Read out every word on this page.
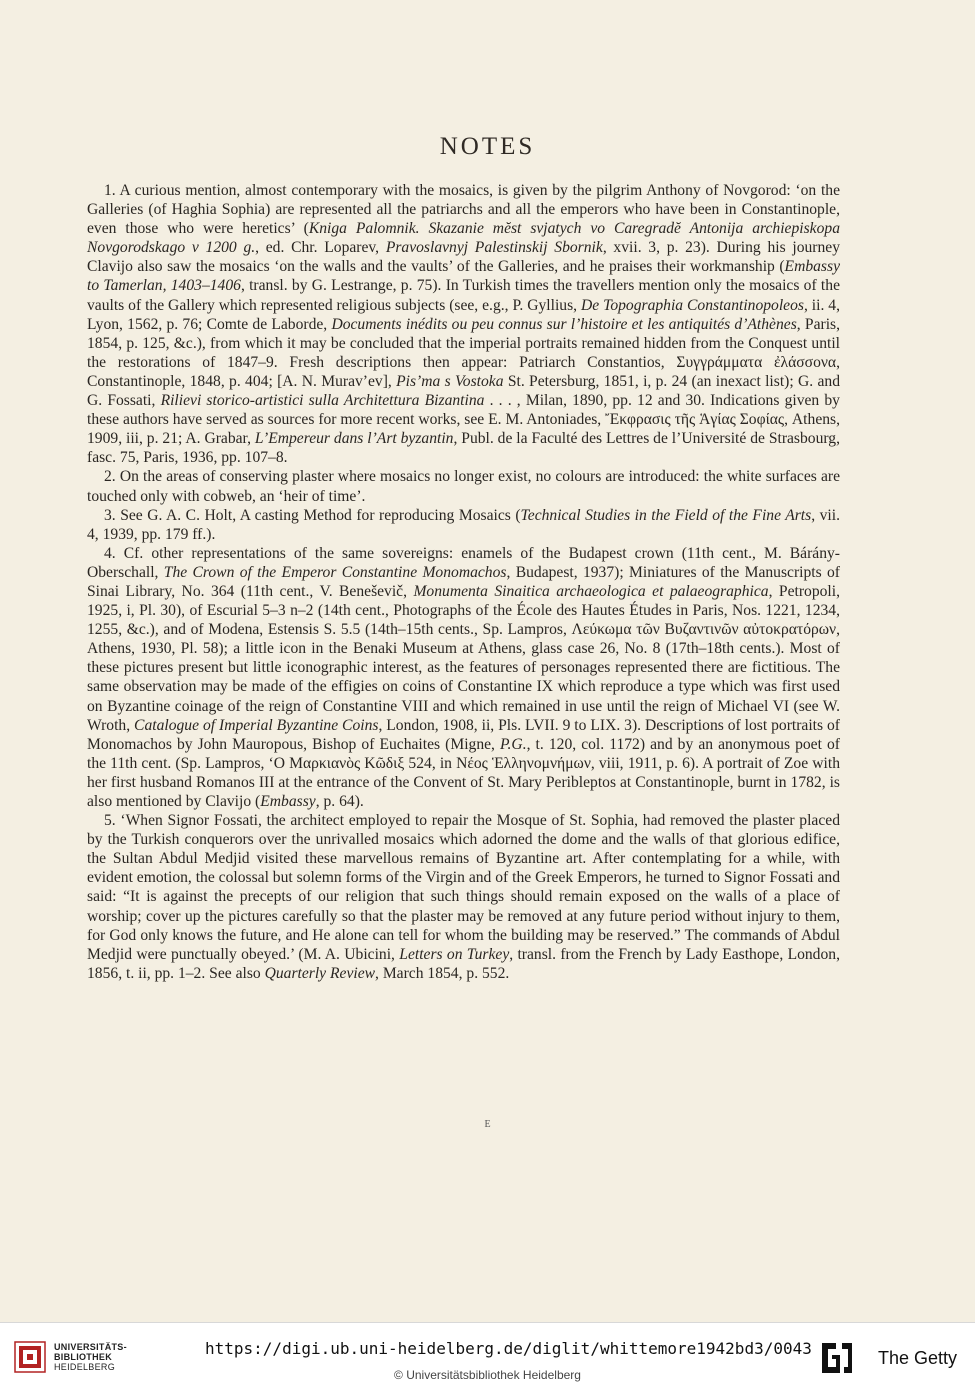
NOTES

1. A curious mention, almost contemporary with the mosaics, is given by the pilgrim Anthony of Novgorod: ‘on the Galleries (of Haghia Sophia) are represented all the patriarchs and all the emperors who have been in Constantinople, even those who were heretics’ (Kniga Palomnik. Skazanie mĕst svjatych vo Caregradĕ Antonija archiepiskopa Novgorodskago v 1200 g., ed. Chr. Loparev, Pravoslavnyj Palestinskij Sbornik, xvii. 3, p. 23). During his journey Clavijo also saw the mosaics ‘on the walls and the vaults’ of the Galleries, and he praises their workmanship (Embassy to Tamerlan, 1403–1406, transl. by G. Lestrange, p. 75). In Turkish times the travellers mention only the mosaics of the vaults of the Gallery which represented religious subjects (see, e.g., P. Gyllius, De Topographia Constantinopoleos, ii. 4, Lyon, 1562, p. 76; Comte de Laborde, Documents inédits ou peu connus sur l’histoire et les antiquités d’Athènes, Paris, 1854, p. 125, &c.), from which it may be concluded that the imperial portraits remained hidden from the Conquest until the restorations of 1847–9. Fresh descriptions then appear: Patriarch Constantios, Συγγράμματα ἐλάσσονα, Constantinople, 1848, p. 404; [A. N. Murav’ev], Pis’ma s Vostoka St. Petersburg, 1851, i, p. 24 (an inexact list); G. and G. Fossati, Rilievi storico-artistici sulla Architettura Bizantina . . . , Milan, 1890, pp. 12 and 30. Indications given by these authors have served as sources for more recent works, see E. M. Antoniades, Ἔκφρασις τῆς Ἁγίας Σοφίας, Athens, 1909, iii, p. 21; A. Grabar, L’Empereur dans l’Art byzantin, Publ. de la Faculté des Lettres de l’Université de Strasbourg, fasc. 75, Paris, 1936, pp. 107–8.

2. On the areas of conserving plaster where mosaics no longer exist, no colours are introduced: the white surfaces are touched only with cobweb, an ‘heir of time’.

3. See G. A. C. Holt, A casting Method for reproducing Mosaics (Technical Studies in the Field of the Fine Arts, vii. 4, 1939, pp. 179 ff.).

4. Cf. other representations of the same sovereigns: enamels of the Budapest crown (11th cent., M. Bárány-Oberschall, The Crown of the Emperor Constantine Monomachos, Budapest, 1937); Miniatures of the Manuscripts of Sinai Library, No. 364 (11th cent., V. Beneševič, Monumenta Sinaitica archaeologica et palaeographica, Petropoli, 1925, i, Pl. 30), of Escurial 5–3 n–2 (14th cent., Photographs of the École des Hautes Études in Paris, Nos. 1221, 1234, 1255, &c.), and of Modena, Estensis S. 5.5 (14th–15th cents., Sp. Lampros, Λεύκωμα τῶν Βυζαντινῶν αὐτοκρατόρων, Athens, 1930, Pl. 58); a little icon in the Benaki Museum at Athens, glass case 26, No. 8 (17th–18th cents.). Most of these pictures present but little iconographic interest, as the features of personages represented there are fictitious. The same observation may be made of the effigies on coins of Constantine IX which reproduce a type which was first used on Byzantine coinage of the reign of Constantine VIII and which remained in use until the reign of Michael VI (see W. Wroth, Catalogue of Imperial Byzantine Coins, London, 1908, ii, Pls. LVII. 9 to LIX. 3). Descriptions of lost portraits of Monomachos by John Mauropous, Bishop of Euchaites (Migne, P.G., t. 120, col. 1172) and by an anonymous poet of the 11th cent. (Sp. Lampros, ‘Ο Μαρκιανὸς Κῶδιξ 524, in Νέος Ἑλληνομνήμων, viii, 1911, p. 6). A portrait of Zoe with her first husband Romanos III at the entrance of the Convent of St. Mary Peribleptos at Constantinople, burnt in 1782, is also mentioned by Clavijo (Embassy, p. 64).

5. ‘When Signor Fossati, the architect employed to repair the Mosque of St. Sophia, had removed the plaster placed by the Turkish conquerors over the unrivalled mosaics which adorned the dome and the walls of that glorious edifice, the Sultan Abdul Medjid visited these marvellous remains of Byzantine art. After contemplating for a while, with evident emotion, the colossal but solemn forms of the Virgin and of the Greek Emperors, he turned to Signor Fossati and said: “It is against the precepts of our religion that such things should remain exposed on the walls of a place of worship; cover up the pictures carefully so that the plaster may be removed at any future period without injury to them, for God only knows the future, and He alone can tell for whom the building may be reserved.” The commands of Abdul Medjid were punctually obeyed.’ (M. A. Ubicini, Letters on Turkey, transl. from the French by Lady Easthope, London, 1856, t. ii, pp. 1–2. See also Quarterly Review, March 1854, p. 552.

E
UNIVERSITÄTS-
BIBLIOTHEK
HEIDELBERG
https://digi.ub.uni-heidelberg.de/diglit/whittemore1942bd3/0043
© Universitätsbibliothek Heidelberg
The Getty
